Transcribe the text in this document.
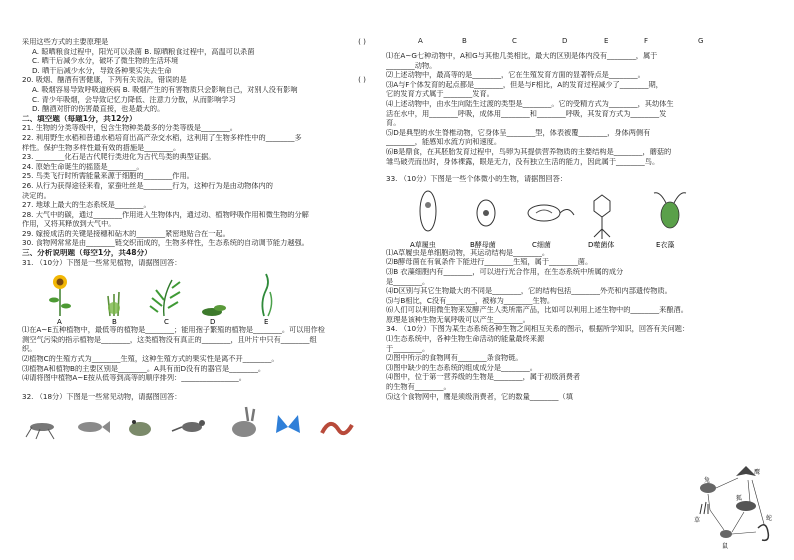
采用这些方式的主要原理是	( )
A. 晾晒粮食过程中，阳光可以杀菌 B. 晾晒粮食过程中，高温可以杀菌
C. 晒干后减少水分，破坏了微生物的生活环境
D. 晒干后减少水分，导致各种果实失去生命
20. 吸烟、酗酒有害健康，下列有关说法，错误的是	( )
A. 吸烟容易导致呼吸道疾病 B. 吸烟产生的有害物质只会影响自己，对别人没有影响
C. 青少年吸烟，会导致记忆力降低、注意力分散，从而影响学习
D. 酗酒对肝的伤害最直接，也是最大的。
二、填空题（每题1分，共12分）
21. 生物的分类等级中，包含生物种类最多的分类等级是________。
22. 利用野生水稻和普通水稻培育出高产杂交水稻，这利用了生物多样性中的________多
样性。保护生物多样性最有效的措施是________。
23. ________化石是古代爬行类进化为古代鸟类的典型证据。
24. 原始生命诞生的摇篮是________。
25. 鸟类飞行时所需能量来源于细胞的________作用。
26. 从行为获得途径来看，家蚕吐丝是________行为，这种行为是由动物体内的
决定的。
27. 地球上最大的生态系统是________。
28. 大气中的碳，通过________作用进入生物体内，通过动、植物呼吸作用和微生物的分解
作用，又将其释放到大气中。
29. 嫁接成活的关键是接穗和砧木的________紧密地贴合在一起。
30. 食物网常常是由________链交织而成的，生物多样性，生态系统的自动调节能力越强。
三、分析说明题（每空1分，共48分）
31. （10分）下图是一些常见植物，请据图回答：
A	B	C	D	E
⑴在A~E五种植物中，最低等的植物是________；能用孢子繁殖的植物是________。可以用作检
测空气污染的指示植物是________，这类植物没有真正的________，且叶片中只有________组
织。
⑵植物C的生殖方式为________生殖，这种生殖方式的果实性是离不开________。
⑶植物A和植物B的主要区别是________。A具有而D没有的器官是________。
⑷请将图中植物A~E按从低等到高等的顺序排列：________________。
32. （18分）下图是一些常见动物，请据图回答：
A	B	C	D	E	F	G
⑴在A~G七种动物中，A和G与其他几类相比，最大的区别是体内没有________，属于
________动物。
⑵上述动物中，最高等的是________，它在生殖发育方面的显著特点是________。
⑶A与F个体发育的起点都是________，但是与F相比，A的发育过程减少了________期，
它的发育方式属于________发育。
⑷上述动物中，由水生向陆生过渡的类型是________。它的受精方式为________，其幼体生
活在水中，用________呼吸，成体用________和________呼吸，其发育方式为________发
育。
⑸D是典型的水生脊椎动物，它身体呈________型，体表被覆________，身体两侧有
________，能感知水流方向和速度。
⑹B是鼎食，在其胚胎发育过程中，鸟卵为其提供营养物质的主要结构是________，蘑菇的
雏鸟破壳而出时，身体裸露，眼是无力，没有独立生活的能力，因此属于________鸟。
33. （10分）下图是一些个体微小的生物，请据图回答：
A草履虫	B酵母菌	C细菌	D噬菌体	E衣藻
⑴A草履虫是单细胞动物，其运动结构是________。
⑵B酵母菌在有氧条件下能进行________生殖，属于________菌。
⑶B 衣藻细胞内有________，可以进行光合作用，在生态系统中所属的成分
是________。
⑷D区别与其它生物最大的不同是________，它的结构包括________外壳和内部遗传物质。
⑸与B相比，C没有________，被称为________生物。
⑹人们可以利用微生物来发酵产生人类所需产品，比如可以利用上述生物中的________来酿酒。
原理是该种生物无氧呼吸可以产生________。
34. （10分）下图为某生态系统各种生物之间相互关系的图示，根据所学知识，回答有关问题：
⑴生态系统中，各种生物生命活动的能量最终来源
于________。
⑵图中所示的食物网有________条食物链。
⑶图中缺少的生态系统的组成成分是________。
⑷图中，位于第一营养级的生物是________，属于初级消费者
的生物有________。
⑸这个食物网中，鹰是须级消费者，它的数量________（填
鹰
兔
草
狐
鼠
蛇
